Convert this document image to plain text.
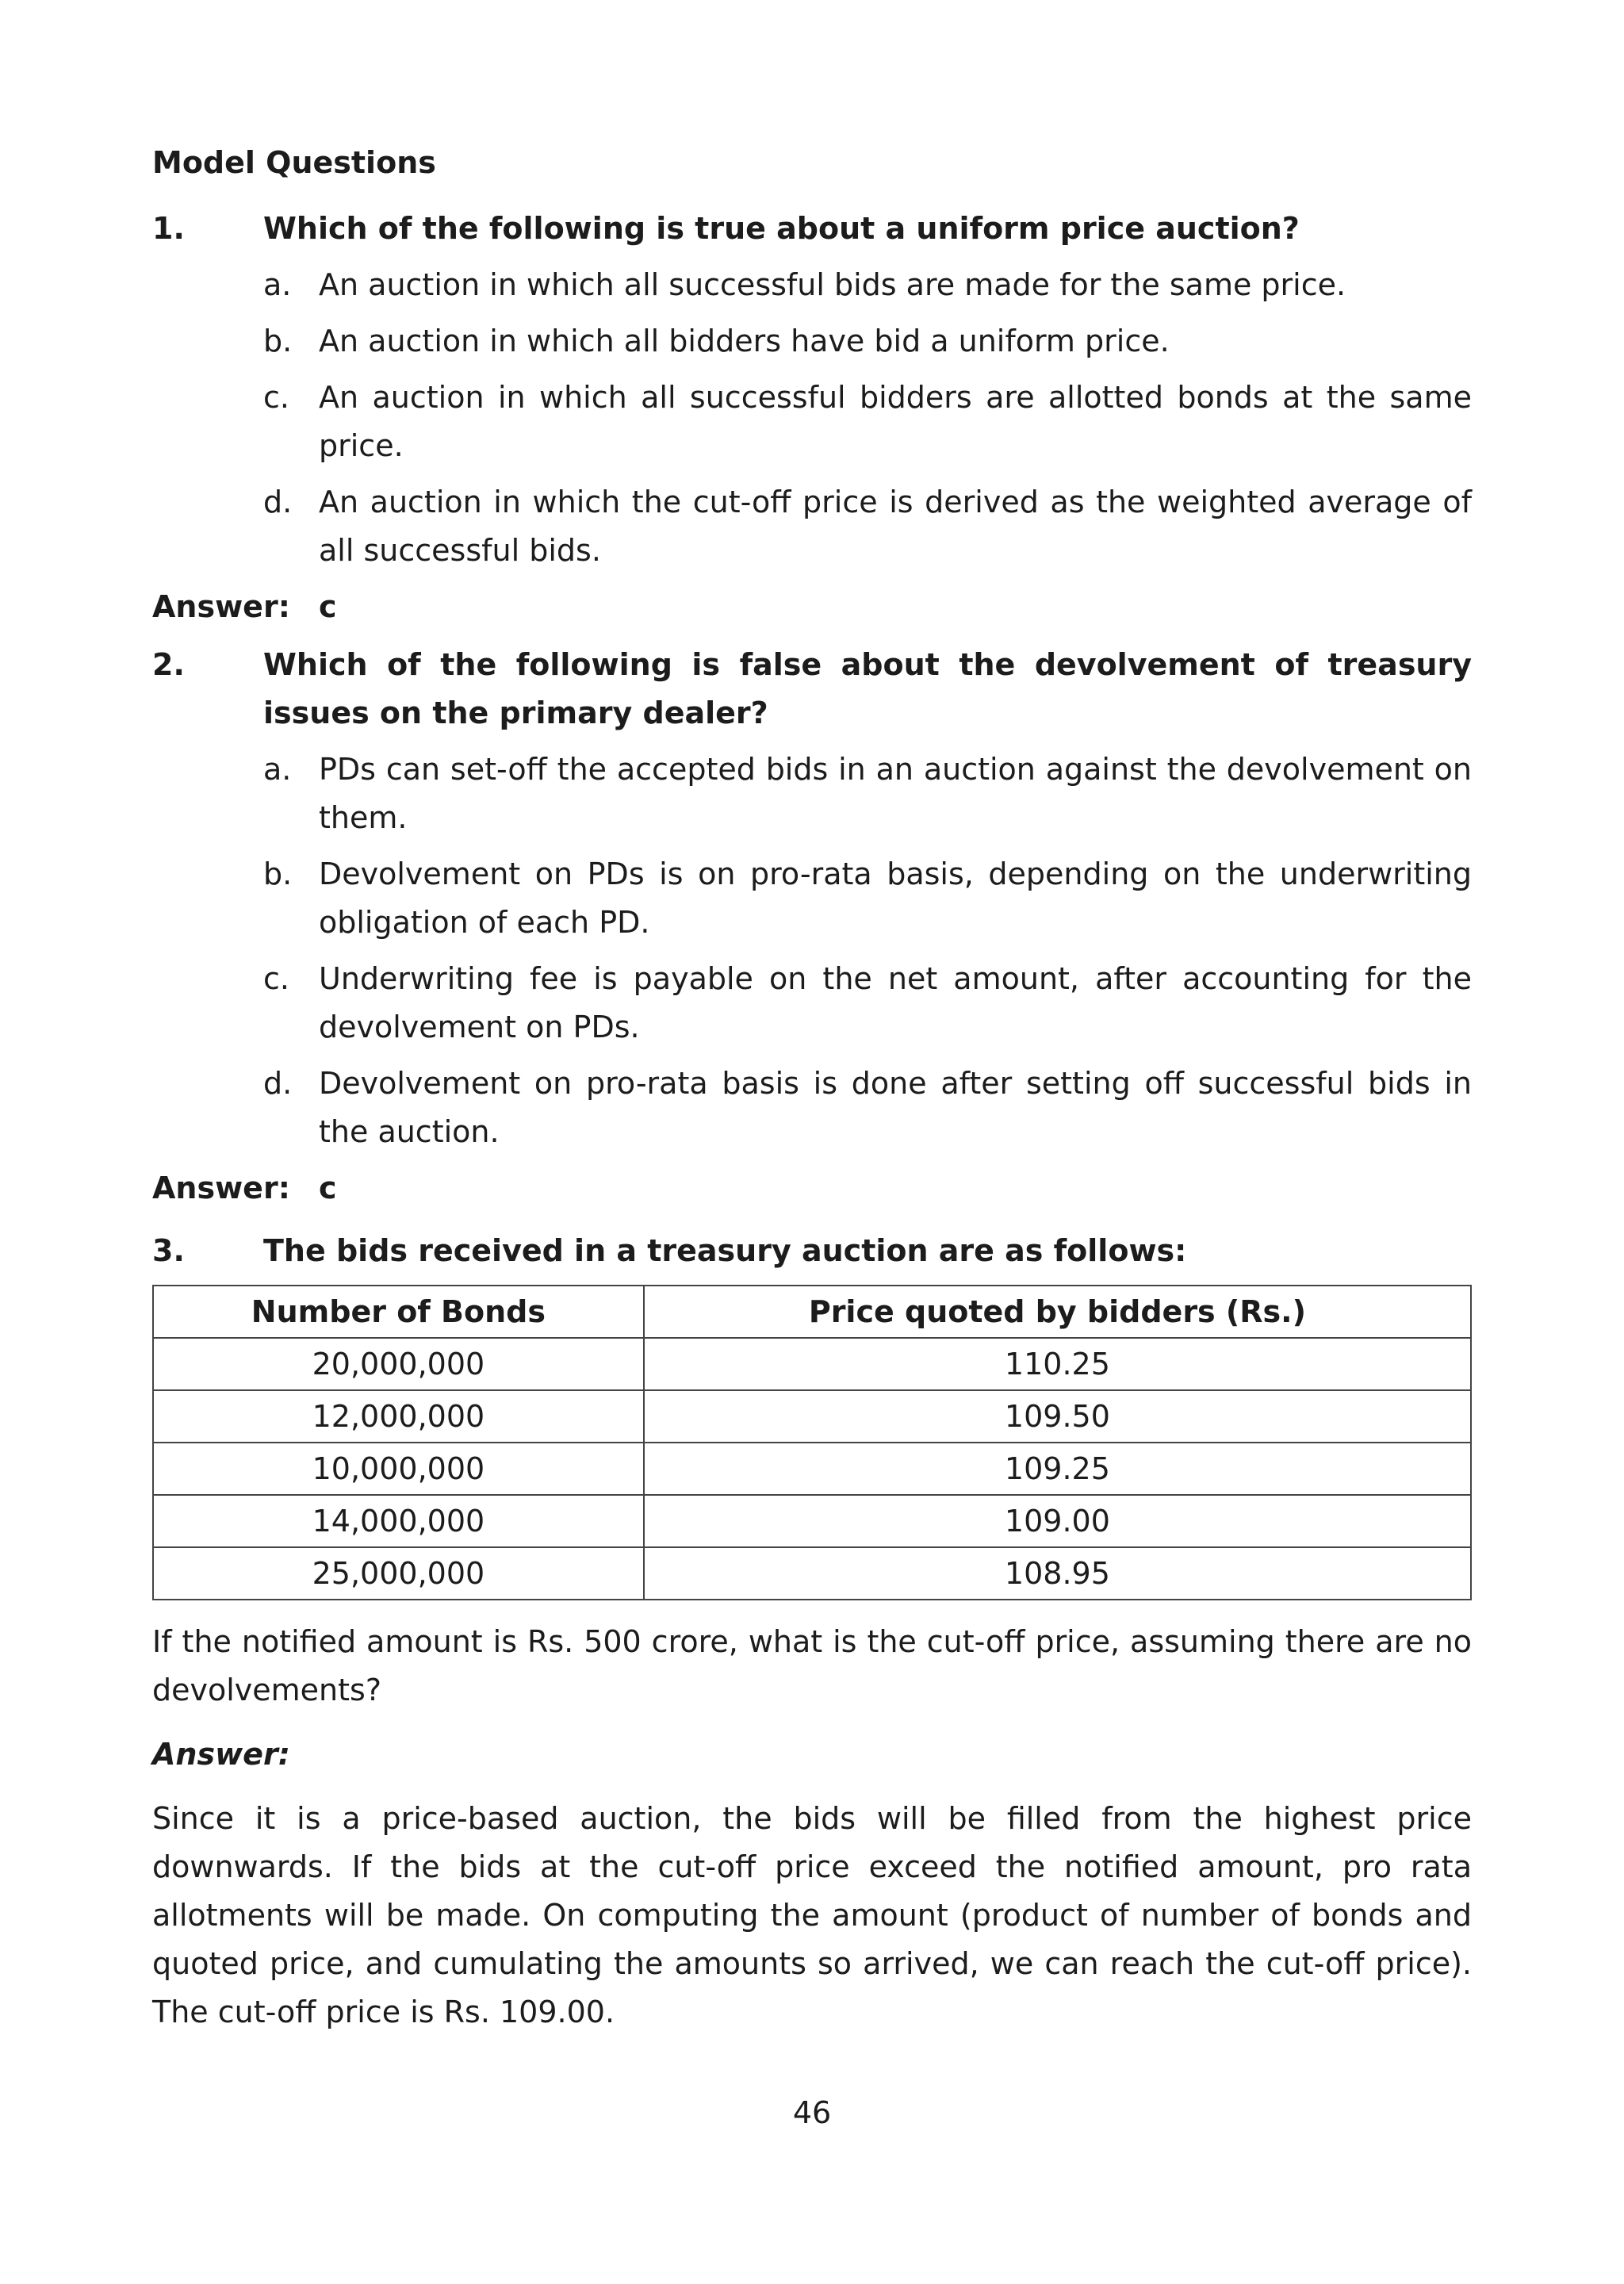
Model Questions
1.	Which of the following is true about a uniform price auction?
a. An auction in which all successful bids are made for the same price.
b. An auction in which all bidders have bid a uniform price.
c. An auction in which all successful bidders are allotted bonds at the same price.
d. An auction in which the cut-off price is derived as the weighted average of all successful bids.
Answer: c
2.	Which of the following is false about the devolvement of treasury issues on the primary dealer?
a. PDs can set-off the accepted bids in an auction against the devolvement on them.
b. Devolvement on PDs is on pro-rata basis, depending on the underwriting obligation of each PD.
c. Underwriting fee is payable on the net amount, after accounting for the devolvement on PDs.
d. Devolvement on pro-rata basis is done after setting off successful bids in the auction.
Answer: c
3.	The bids received in a treasury auction are as follows:
Number of Bonds	Price quoted by bidders (Rs.)
20,000,000	110.25
12,000,000	109.50
10,000,000	109.25
14,000,000	109.00
25,000,000	108.95

If the notified amount is Rs. 500 crore, what is the cut-off price, assuming there are no devolvements?

Answer:

Since it is a price-based auction, the bids will be filled from the highest price downwards. If the bids at the cut-off price exceed the notified amount, pro rata allotments will be made. On computing the amount (product of number of bonds and quoted price, and cumulating the amounts so arrived, we can reach the cut-off price). The cut-off price is Rs. 109.00.

46
